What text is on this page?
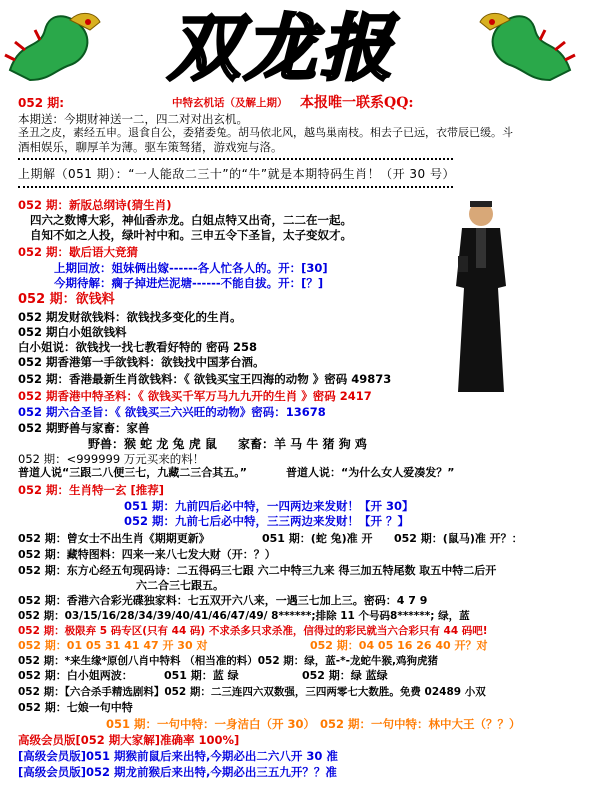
双龙报
052 期:	中特玄机话（及解上期） 本报唯一联系QQ:
本期送：今期财神送一二，四二对对出玄机。
圣丑之皮，素经五申。退食自公，委猪委兔。胡马依北风，越鸟巢南枝。相去子已远，衣带辰已缓。斗
酒相娱乐，聊厚羊为薄。驱车策驽猪，游戏宛与洛。
上期解（051 期）：“一人能敌二三十”的“牛”就是本期特码生肖！（开 30 号）
052 期：新版总纲诗(猜生肖)
四六之数博大彩，神仙香赤龙。白姐点特又出奇，二二在一起。
自知不如之人投，绿叶衬中和。三申五令下圣旨，太子变奴才。
052 期：歇后语大竞猜
上期回放：姐妹俩出嫁------各人忙各人的。开：[30]
今期待解：瘸子掉进烂泥塘------不能自拔。开：[？]
052 期：欲钱料
052 期发财欲钱料：欲钱找多变化的生肖。
052 期白小姐欲钱料
白小姐说：欲钱找一找七教看好特的 密码 258
052 期香港第一手欲钱料：欲钱找中国茅台酒。
052 期：香港最新生肖欲钱料：《 欲钱买宝王四海的动物 》密码 49873
052 期香港中特圣料：《 欲钱买千军万马九九开的生肖 》密码 2417
052 期六合圣旨：《 欲钱买三六兴旺的动物》密码：13678
052 期野兽与家畜：家兽
野兽：猴 蛇 龙 兔 虎 鼠 家畜：羊 马 牛 猪 狗 鸡
052 期：<999999 万元买来的料！
普道人说“三跟二八便三七，九藏二三合其五。”	普道人说：“为什么女人爱凑发？”
052 期：生肖特一玄 [推荐]
051 期：九前四后必中特，一四两边来发财！【开 30】
052 期：九前七后必中特，三三两边来发财！【开 ？】
052 期：曾女士不出生肖《期期更新》	051 期：(蛇 兔)准 开 052 期：(鼠马)准 开？：
052 期：藏特图料：四来一来八七发大财（开：？）
052 期：东方心经五句现码诗：二五得码三七跟 六二中特三九来 得三加五特尾数 取五中特二后开
六二合三七跟五。
052 期：香港六合彩光碟独家料：七五双开六八来，一遇三七加上三。密码：4 7 9
052 期：03/15/16/28/34/39/40/41/46/47/49/ 8******;排除 11 个号码8******; 绿，蓝
052 期：极限弃 5 码专区(只有 44 码) 不求杀多只求杀准，信得过的彩民就当六合彩只有 44 码吧!
052 期：01 05 31 41 47 开 30 对	052 期：04 05 16 26 40 开？对
052 期：*来生缘*原创八肖中特料 （相当准的料）052 期：绿，蓝-*-龙蛇牛猴,鸡狗虎猪
052 期：白小姐两波：	051 期：蓝 绿	052 期：绿 蓝绿
052 期：【六合杀手精选剧料】052 期：二三连四六双数强，三四两零七大数胜。免费 02489 小双
052 期：七娘一句中特
051 期：一句中特：一身洁白（开 30） 052 期：一句中特：林中大王（？？）
高级会员版[052 期大家解]准确率 100%]
[高级会员版]051 期猴前鼠后来出特,今期必出二六八开 30 准
[高级会员版]052 期龙前猴后来出特,今期必出三五九开？？准
